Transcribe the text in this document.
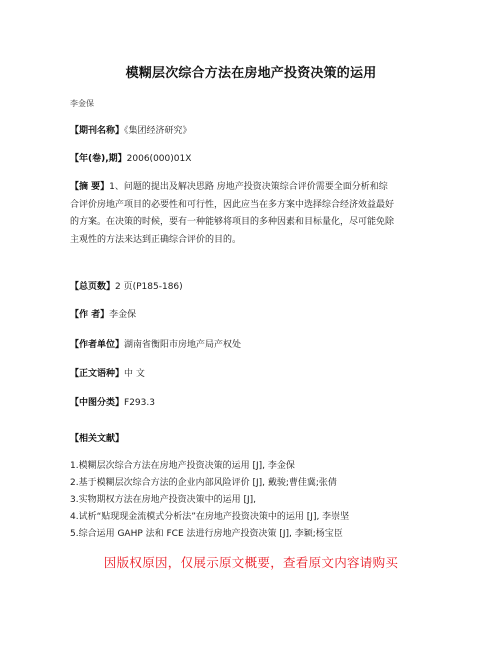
模糊层次综合方法在房地产投资决策的运用
李金保
【期刊名称】《集团经济研究》
【年(卷),期】2006(000)01X
【摘 要】1、问题的提出及解决思路 房地产投资决策综合评价需要全面分析和综
合评价房地产项目的必要性和可行性，因此应当在多方案中选择综合经济效益最好
的方案。在决策的时候，要有一种能够将项目的多种因素和目标量化，尽可能免除
主观性的方法来达到正确综合评价的目的。
【总页数】2 页(P185-186)
【作 者】李金保
【作者单位】湖南省衡阳市房地产局产权处
【正文语种】中 文
【中图分类】F293.3
【相关文献】
1.模糊层次综合方法在房地产投资决策的运用 [J], 李金保
2.基于模糊层次综合方法的企业内部风险评价 [J], 戴骏;曹佳冀;张倩
3.实物期权方法在房地产投资决策中的运用 [J],
4.试析“贴现现金流模式分析法”在房地产投资决策中的运用 [J], 李崇坚
5.综合运用 GAHP 法和 FCE 法进行房地产投资决策 [J], 李颖;杨宝臣
因版权原因，仅展示原文概要，查看原文内容请购买
